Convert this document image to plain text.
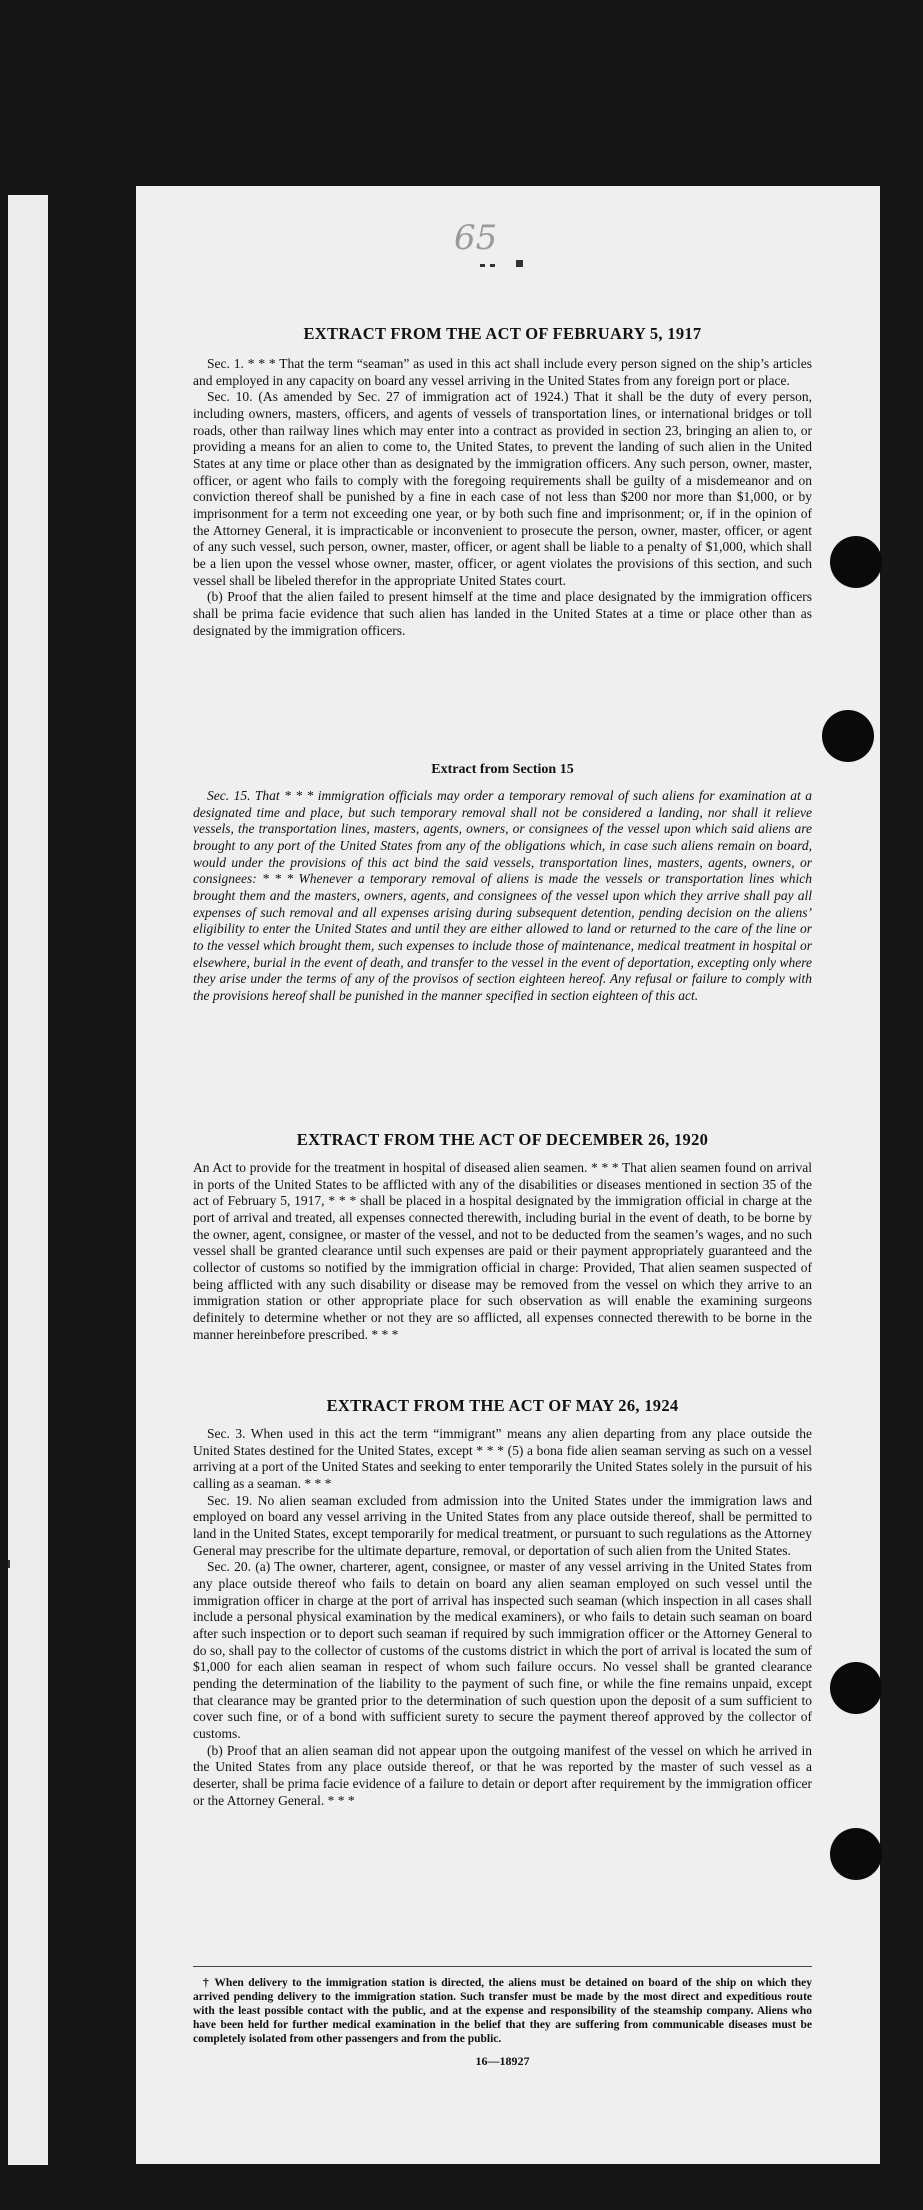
65
EXTRACT FROM THE ACT OF FEBRUARY 5, 1917

Sec. 1. * * * That the term “seaman” as used in this act shall include every person signed on the ship’s articles and employed in any capacity on board any vessel arriving in the United States from any foreign port or place.

Sec. 10. (As amended by Sec. 27 of immigration act of 1924.) That it shall be the duty of every person, including owners, masters, officers, and agents of vessels of transportation lines, or international bridges or toll roads, other than railway lines which may enter into a contract as provided in section 23, bringing an alien to, or providing a means for an alien to come to, the United States, to prevent the landing of such alien in the United States at any time or place other than as designated by the immigration officers. Any such person, owner, master, officer, or agent who fails to comply with the foregoing requirements shall be guilty of a misdemeanor and on conviction thereof shall be punished by a fine in each case of not less than $200 nor more than $1,000, or by imprisonment for a term not exceeding one year, or by both such fine and imprisonment; or, if in the opinion of the Attorney General, it is impracticable or inconvenient to prosecute the person, owner, master, officer, or agent of any such vessel, such person, owner, master, officer, or agent shall be liable to a penalty of $1,000, which shall be a lien upon the vessel whose owner, master, officer, or agent violates the provisions of this section, and such vessel shall be libeled therefor in the appropriate United States court.

(b) Proof that the alien failed to present himself at the time and place designated by the immigration officers shall be prima facie evidence that such alien has landed in the United States at a time or place other than as designated by the immigration officers.

Extract from Section 15

Sec. 15. That * * * immigration officials may order a temporary removal of such aliens for examination at a designated time and place, but such temporary removal shall not be considered a landing, nor shall it relieve vessels, the transportation lines, masters, agents, owners, or consignees of the vessel upon which said aliens are brought to any port of the United States from any of the obligations which, in case such aliens remain on board, would under the provisions of this act bind the said vessels, transportation lines, masters, agents, owners, or consignees: * * * Whenever a temporary removal of aliens is made the vessels or transportation lines which brought them and the masters, owners, agents, and consignees of the vessel upon which they arrive shall pay all expenses of such removal and all expenses arising during subsequent detention, pending decision on the aliens’ eligibility to enter the United States and until they are either allowed to land or returned to the care of the line or to the vessel which brought them, such expenses to include those of maintenance, medical treatment in hospital or elsewhere, burial in the event of death, and transfer to the vessel in the event of deportation, excepting only where they arise under the terms of any of the provisos of section eighteen hereof. Any refusal or failure to comply with the provisions hereof shall be punished in the manner specified in section eighteen of this act.

EXTRACT FROM THE ACT OF DECEMBER 26, 1920

An Act to provide for the treatment in hospital of diseased alien seamen. * * * That alien seamen found on arrival in ports of the United States to be afflicted with any of the disabilities or diseases mentioned in section 35 of the act of February 5, 1917, * * * shall be placed in a hospital designated by the immigration official in charge at the port of arrival and treated, all expenses connected therewith, including burial in the event of death, to be borne by the owner, agent, consignee, or master of the vessel, and not to be deducted from the seamen’s wages, and no such vessel shall be granted clearance until such expenses are paid or their payment appropriately guaranteed and the collector of customs so notified by the immigration official in charge: Provided, That alien seamen suspected of being afflicted with any such disability or disease may be removed from the vessel on which they arrive to an immigration station or other appropriate place for such observation as will enable the examining surgeons definitely to determine whether or not they are so afflicted, all expenses connected therewith to be borne in the manner hereinbefore prescribed. * * *

EXTRACT FROM THE ACT OF MAY 26, 1924

Sec. 3. When used in this act the term “immigrant” means any alien departing from any place outside the United States destined for the United States, except * * * (5) a bona fide alien seaman serving as such on a vessel arriving at a port of the United States and seeking to enter temporarily the United States solely in the pursuit of his calling as a seaman. * * *

Sec. 19. No alien seaman excluded from admission into the United States under the immigration laws and employed on board any vessel arriving in the United States from any place outside thereof, shall be permitted to land in the United States, except temporarily for medical treatment, or pursuant to such regulations as the Attorney General may prescribe for the ultimate departure, removal, or deportation of such alien from the United States.

Sec. 20. (a) The owner, charterer, agent, consignee, or master of any vessel arriving in the United States from any place outside thereof who fails to detain on board any alien seaman employed on such vessel until the immigration officer in charge at the port of arrival has inspected such seaman (which inspection in all cases shall include a personal physical examination by the medical examiners), or who fails to detain such seaman on board after such inspection or to deport such seaman if required by such immigration officer or the Attorney General to do so, shall pay to the collector of customs of the customs district in which the port of arrival is located the sum of $1,000 for each alien seaman in respect of whom such failure occurs. No vessel shall be granted clearance pending the determination of the liability to the payment of such fine, or while the fine remains unpaid, except that clearance may be granted prior to the determination of such question upon the deposit of a sum sufficient to cover such fine, or of a bond with sufficient surety to secure the payment thereof approved by the collector of customs.

(b) Proof that an alien seaman did not appear upon the outgoing manifest of the vessel on which he arrived in the United States from any place outside thereof, or that he was reported by the master of such vessel as a deserter, shall be prima facie evidence of a failure to detain or deport after requirement by the immigration officer or the Attorney General. * * *

† When delivery to the immigration station is directed, the aliens must be detained on board of the ship on which they arrived pending delivery to the immigration station. Such transfer must be made by the most direct and expeditious route with the least possible contact with the public, and at the expense and responsibility of the steamship company. Aliens who have been held for further medical examination in the belief that they are suffering from communicable diseases must be completely isolated from other passengers and from the public.

16—18927
